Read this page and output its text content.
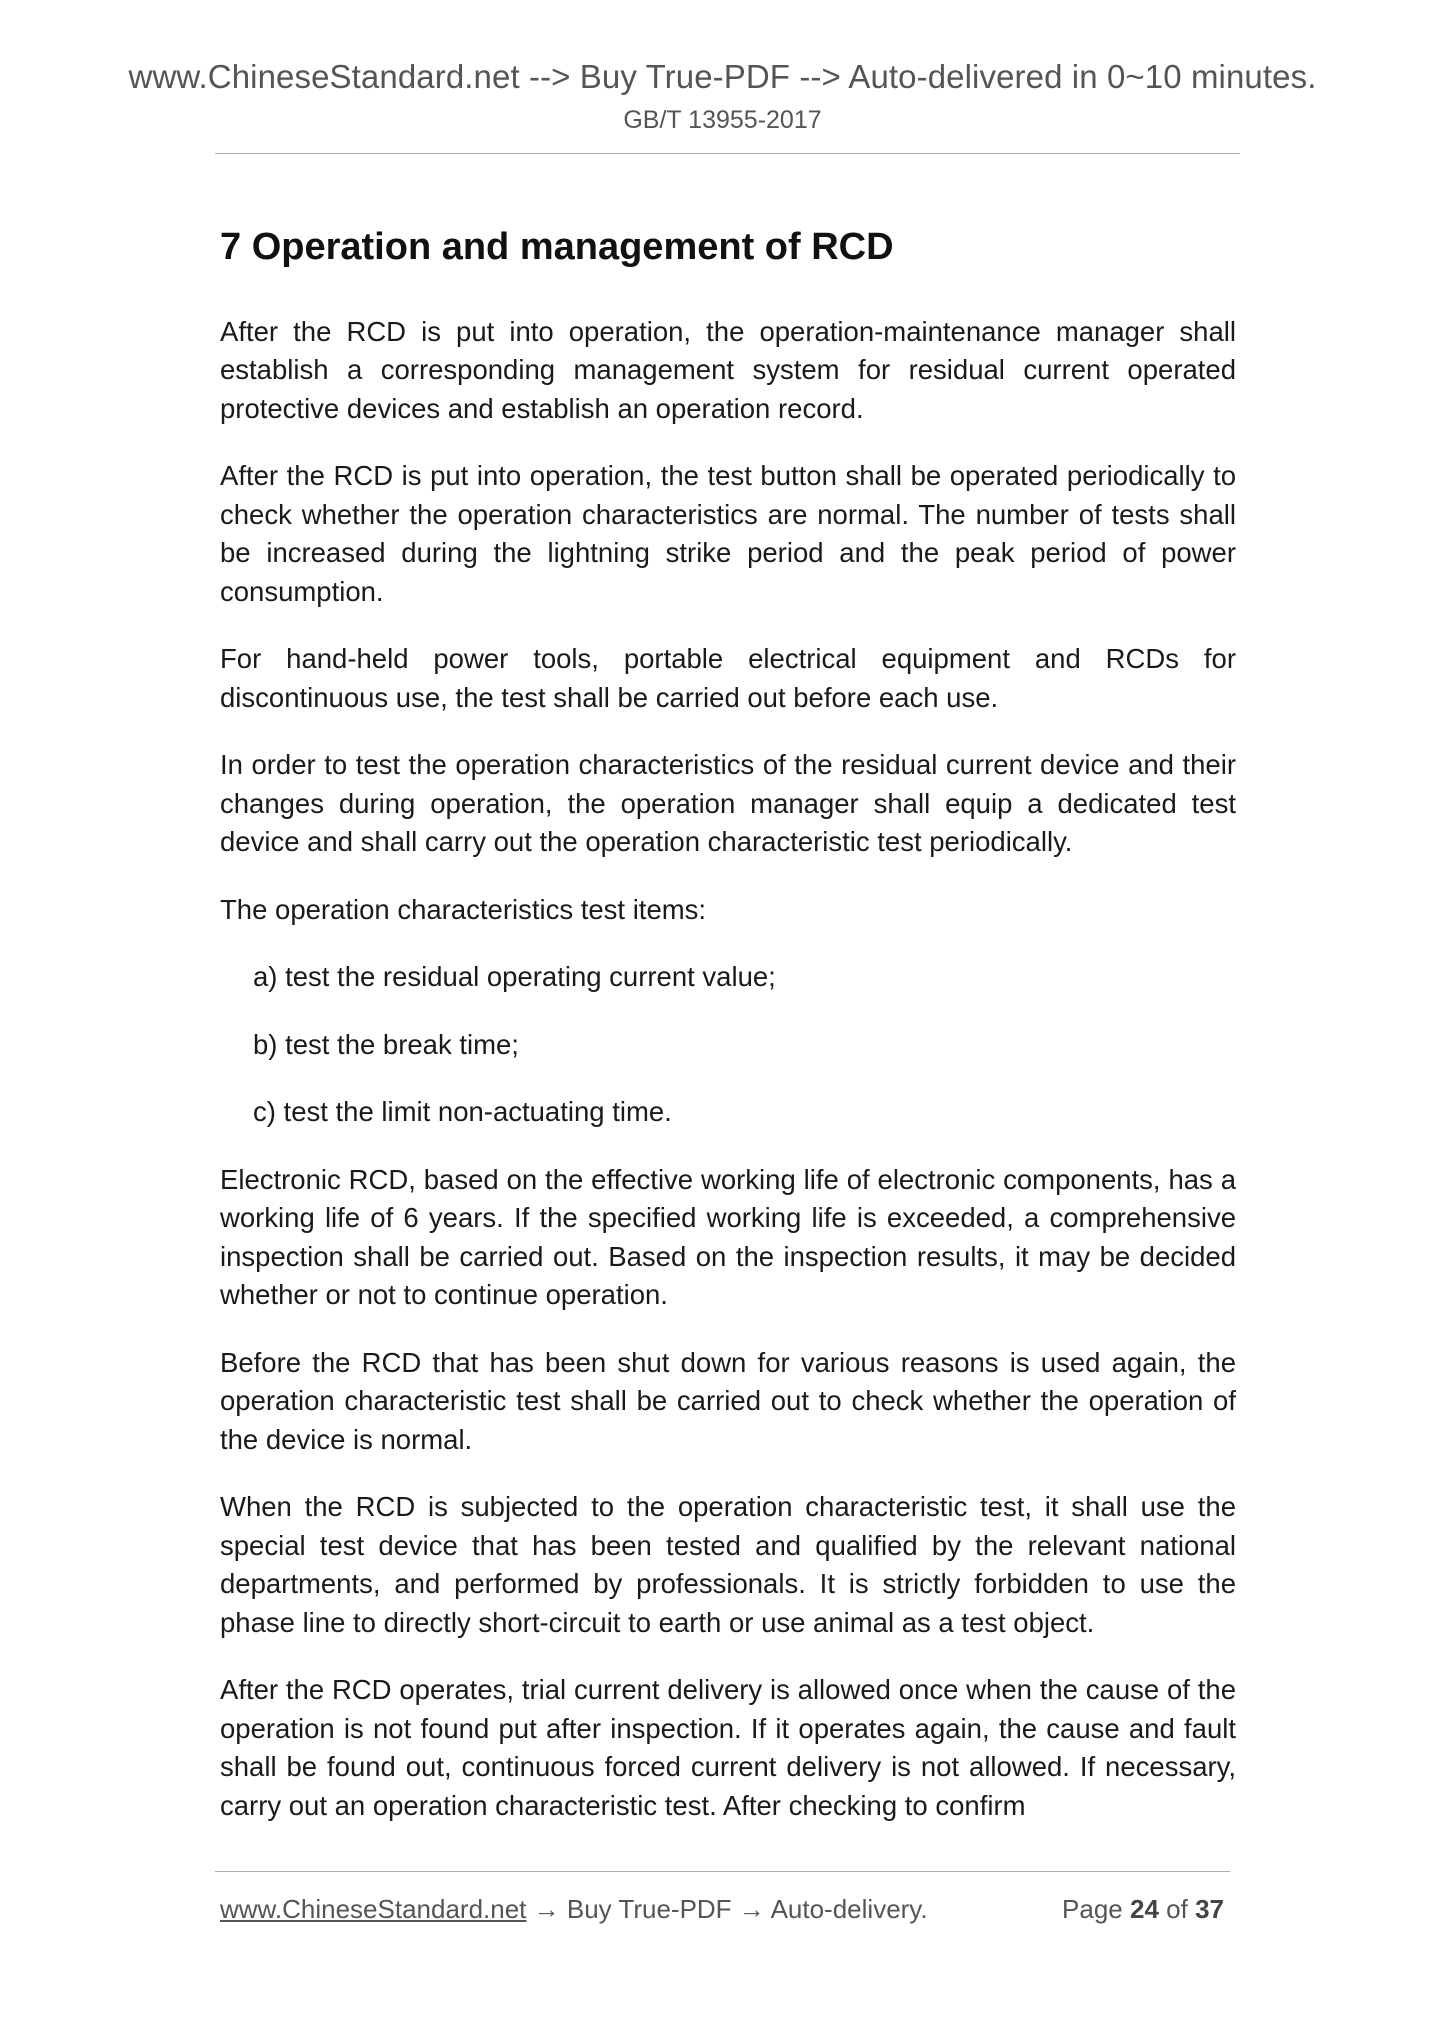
www.ChineseStandard.net --> Buy True-PDF --> Auto-delivered in 0~10 minutes.
GB/T 13955-2017
7 Operation and management of RCD

After the RCD is put into operation, the operation-maintenance manager shall establish a corresponding management system for residual current operated protective devices and establish an operation record.

After the RCD is put into operation, the test button shall be operated periodically to check whether the operation characteristics are normal. The number of tests shall be increased during the lightning strike period and the peak period of power consumption.

For hand-held power tools, portable electrical equipment and RCDs for discontinuous use, the test shall be carried out before each use.

In order to test the operation characteristics of the residual current device and their changes during operation, the operation manager shall equip a dedicated test device and shall carry out the operation characteristic test periodically.

The operation characteristics test items:

a) test the residual operating current value;
b) test the break time;
c) test the limit non-actuating time.

Electronic RCD, based on the effective working life of electronic components, has a working life of 6 years. If the specified working life is exceeded, a comprehensive inspection shall be carried out. Based on the inspection results, it may be decided whether or not to continue operation.

Before the RCD that has been shut down for various reasons is used again, the operation characteristic test shall be carried out to check whether the operation of the device is normal.

When the RCD is subjected to the operation characteristic test, it shall use the special test device that has been tested and qualified by the relevant national departments, and performed by professionals. It is strictly forbidden to use the phase line to directly short-circuit to earth or use animal as a test object.

After the RCD operates, trial current delivery is allowed once when the cause of the operation is not found put after inspection. If it operates again, the cause and fault shall be found out, continuous forced current delivery is not allowed. If necessary, carry out an operation characteristic test. After checking to confirm

www.ChineseStandard.net → Buy True-PDF → Auto-delivery.	Page 24 of 37
